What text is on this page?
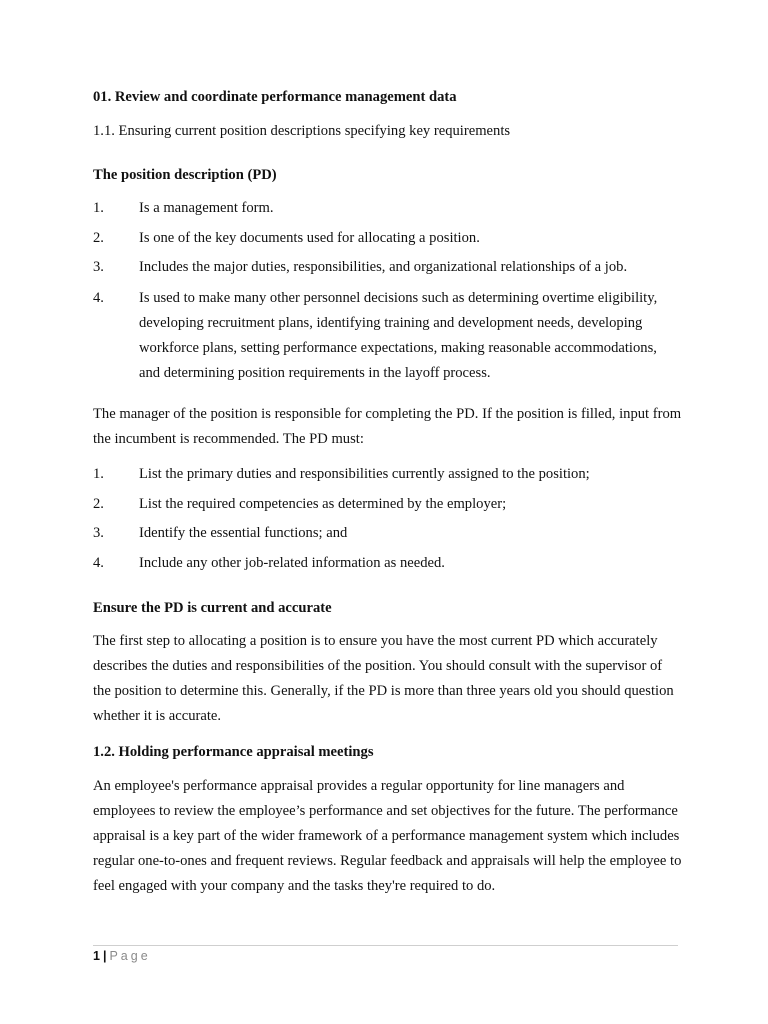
01. Review and coordinate performance management data
1.1. Ensuring current position descriptions specifying key requirements
The position description (PD)
1. Is a management form.
2. Is one of the key documents used for allocating a position.
3. Includes the major duties, responsibilities, and organizational relationships of a job.
4. Is used to make many other personnel decisions such as determining overtime eligibility, developing recruitment plans, identifying training and development needs, developing workforce plans, setting performance expectations, making reasonable accommodations, and determining position requirements in the layoff process.
The manager of the position is responsible for completing the PD. If the position is filled, input from the incumbent is recommended. The PD must:
1. List the primary duties and responsibilities currently assigned to the position;
2. List the required competencies as determined by the employer;
3. Identify the essential functions; and
4. Include any other job-related information as needed.
Ensure the PD is current and accurate
The first step to allocating a position is to ensure you have the most current PD which accurately describes the duties and responsibilities of the position. You should consult with the supervisor of the position to determine this. Generally, if the PD is more than three years old you should question whether it is accurate.
1.2. Holding performance appraisal meetings
An employee's performance appraisal provides a regular opportunity for line managers and employees to review the employee’s performance and set objectives for the future. The performance appraisal is a key part of the wider framework of a performance management system which includes regular one-to-ones and frequent reviews. Regular feedback and appraisals will help the employee to feel engaged with your company and the tasks they're required to do.
1 | Page
